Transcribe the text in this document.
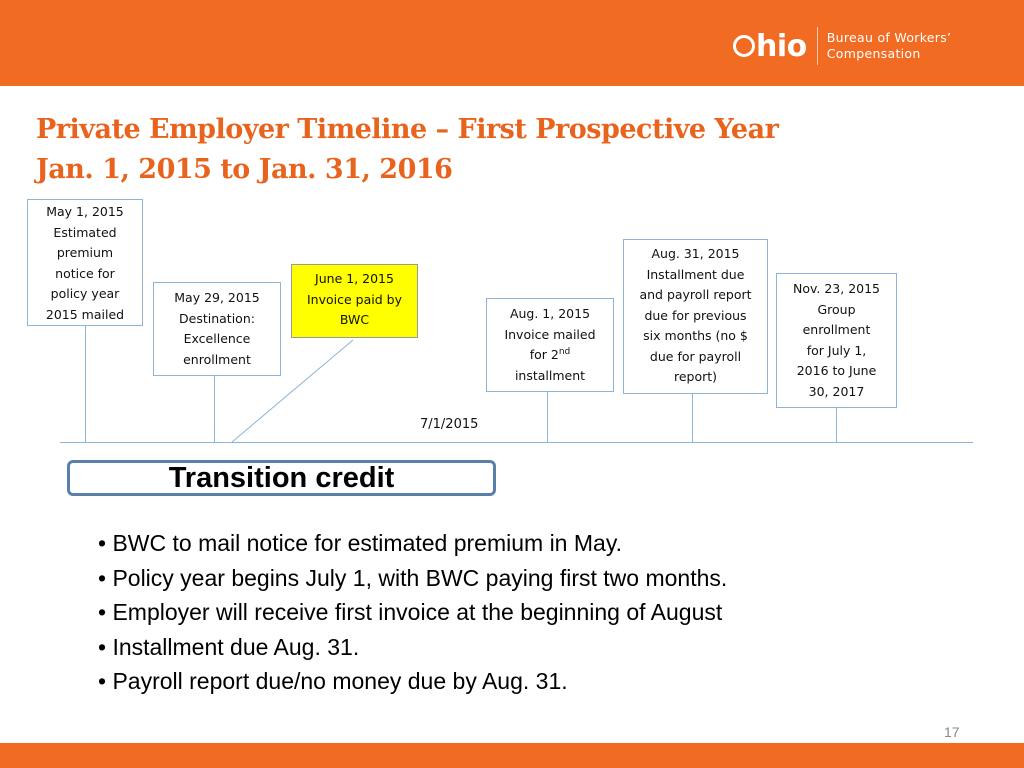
hio Bureau of Workers’
Compensation
Private Employer Timeline – First Prospective Year
Jan. 1, 2015 to Jan. 31, 2016
May 1, 2015
Estimated
premium
notice for
policy year
2015 mailed
May 29, 2015
Destination:
Excellence
enrollment
June 1, 2015
Invoice paid by
BWC	Aug. 1, 2015
Invoice mailed
for 2nd
installment
Aug. 31, 2015
Installment due
and payroll report
due for previous
six months (no $
due for payroll
report)
Nov. 23, 2015
Group
enrollment
for July 1,
2016 to June
30, 2017
7/1/2015
Transition credit
• BWC to mail notice for estimated premium in May.
• Policy year begins July 1, with BWC paying first two months.
• Employer will receive first invoice at the beginning of August
• Installment due Aug. 31.
• Payroll report due/no money due by Aug. 31.
17
